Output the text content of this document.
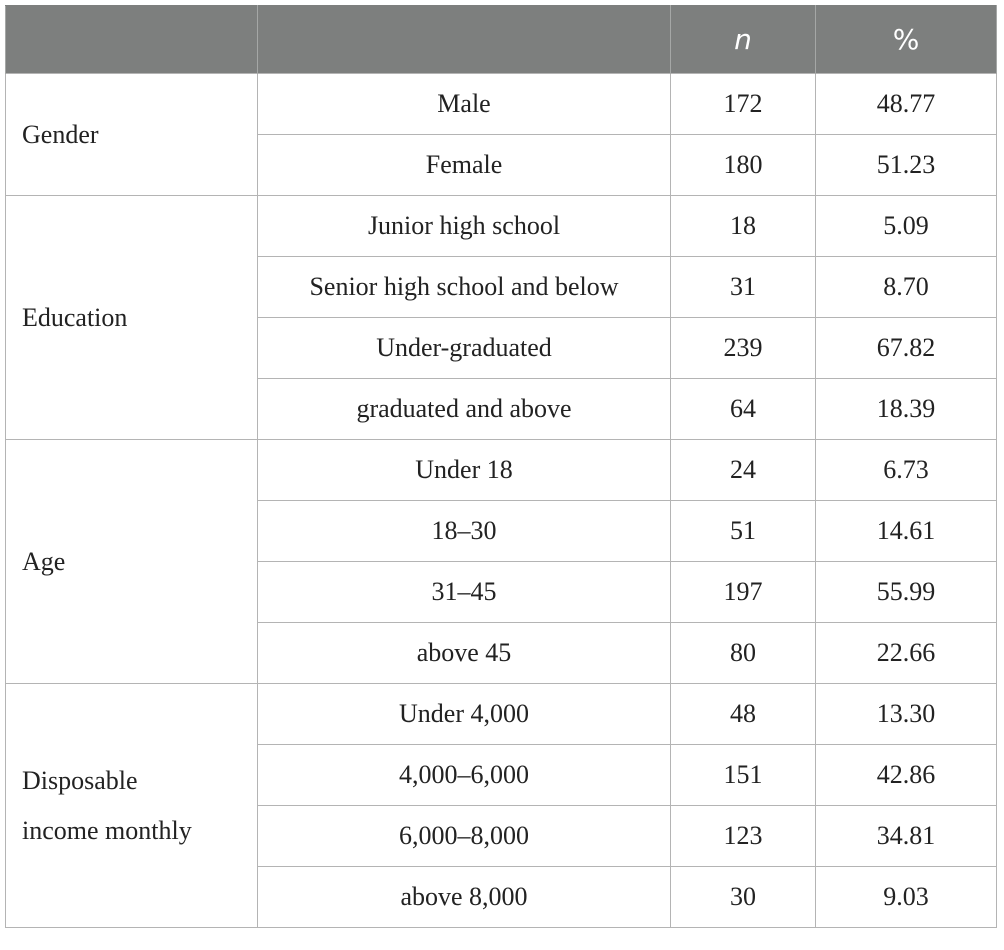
		n	%
Gender	Male	172	48.77
	Female	180	51.23
Education	Junior high school	18	5.09
	Senior high school and below	31	8.70
	Under-graduated	239	67.82
	graduated and above	64	18.39
Age	Under 18	24	6.73
	18–30	51	14.61
	31–45	197	55.99
	above 45	80	22.66
Disposable
income monthly	Under 4,000	48	13.30
	4,000–6,000	151	42.86
	6,000–8,000	123	34.81
	above 8,000	30	9.03
